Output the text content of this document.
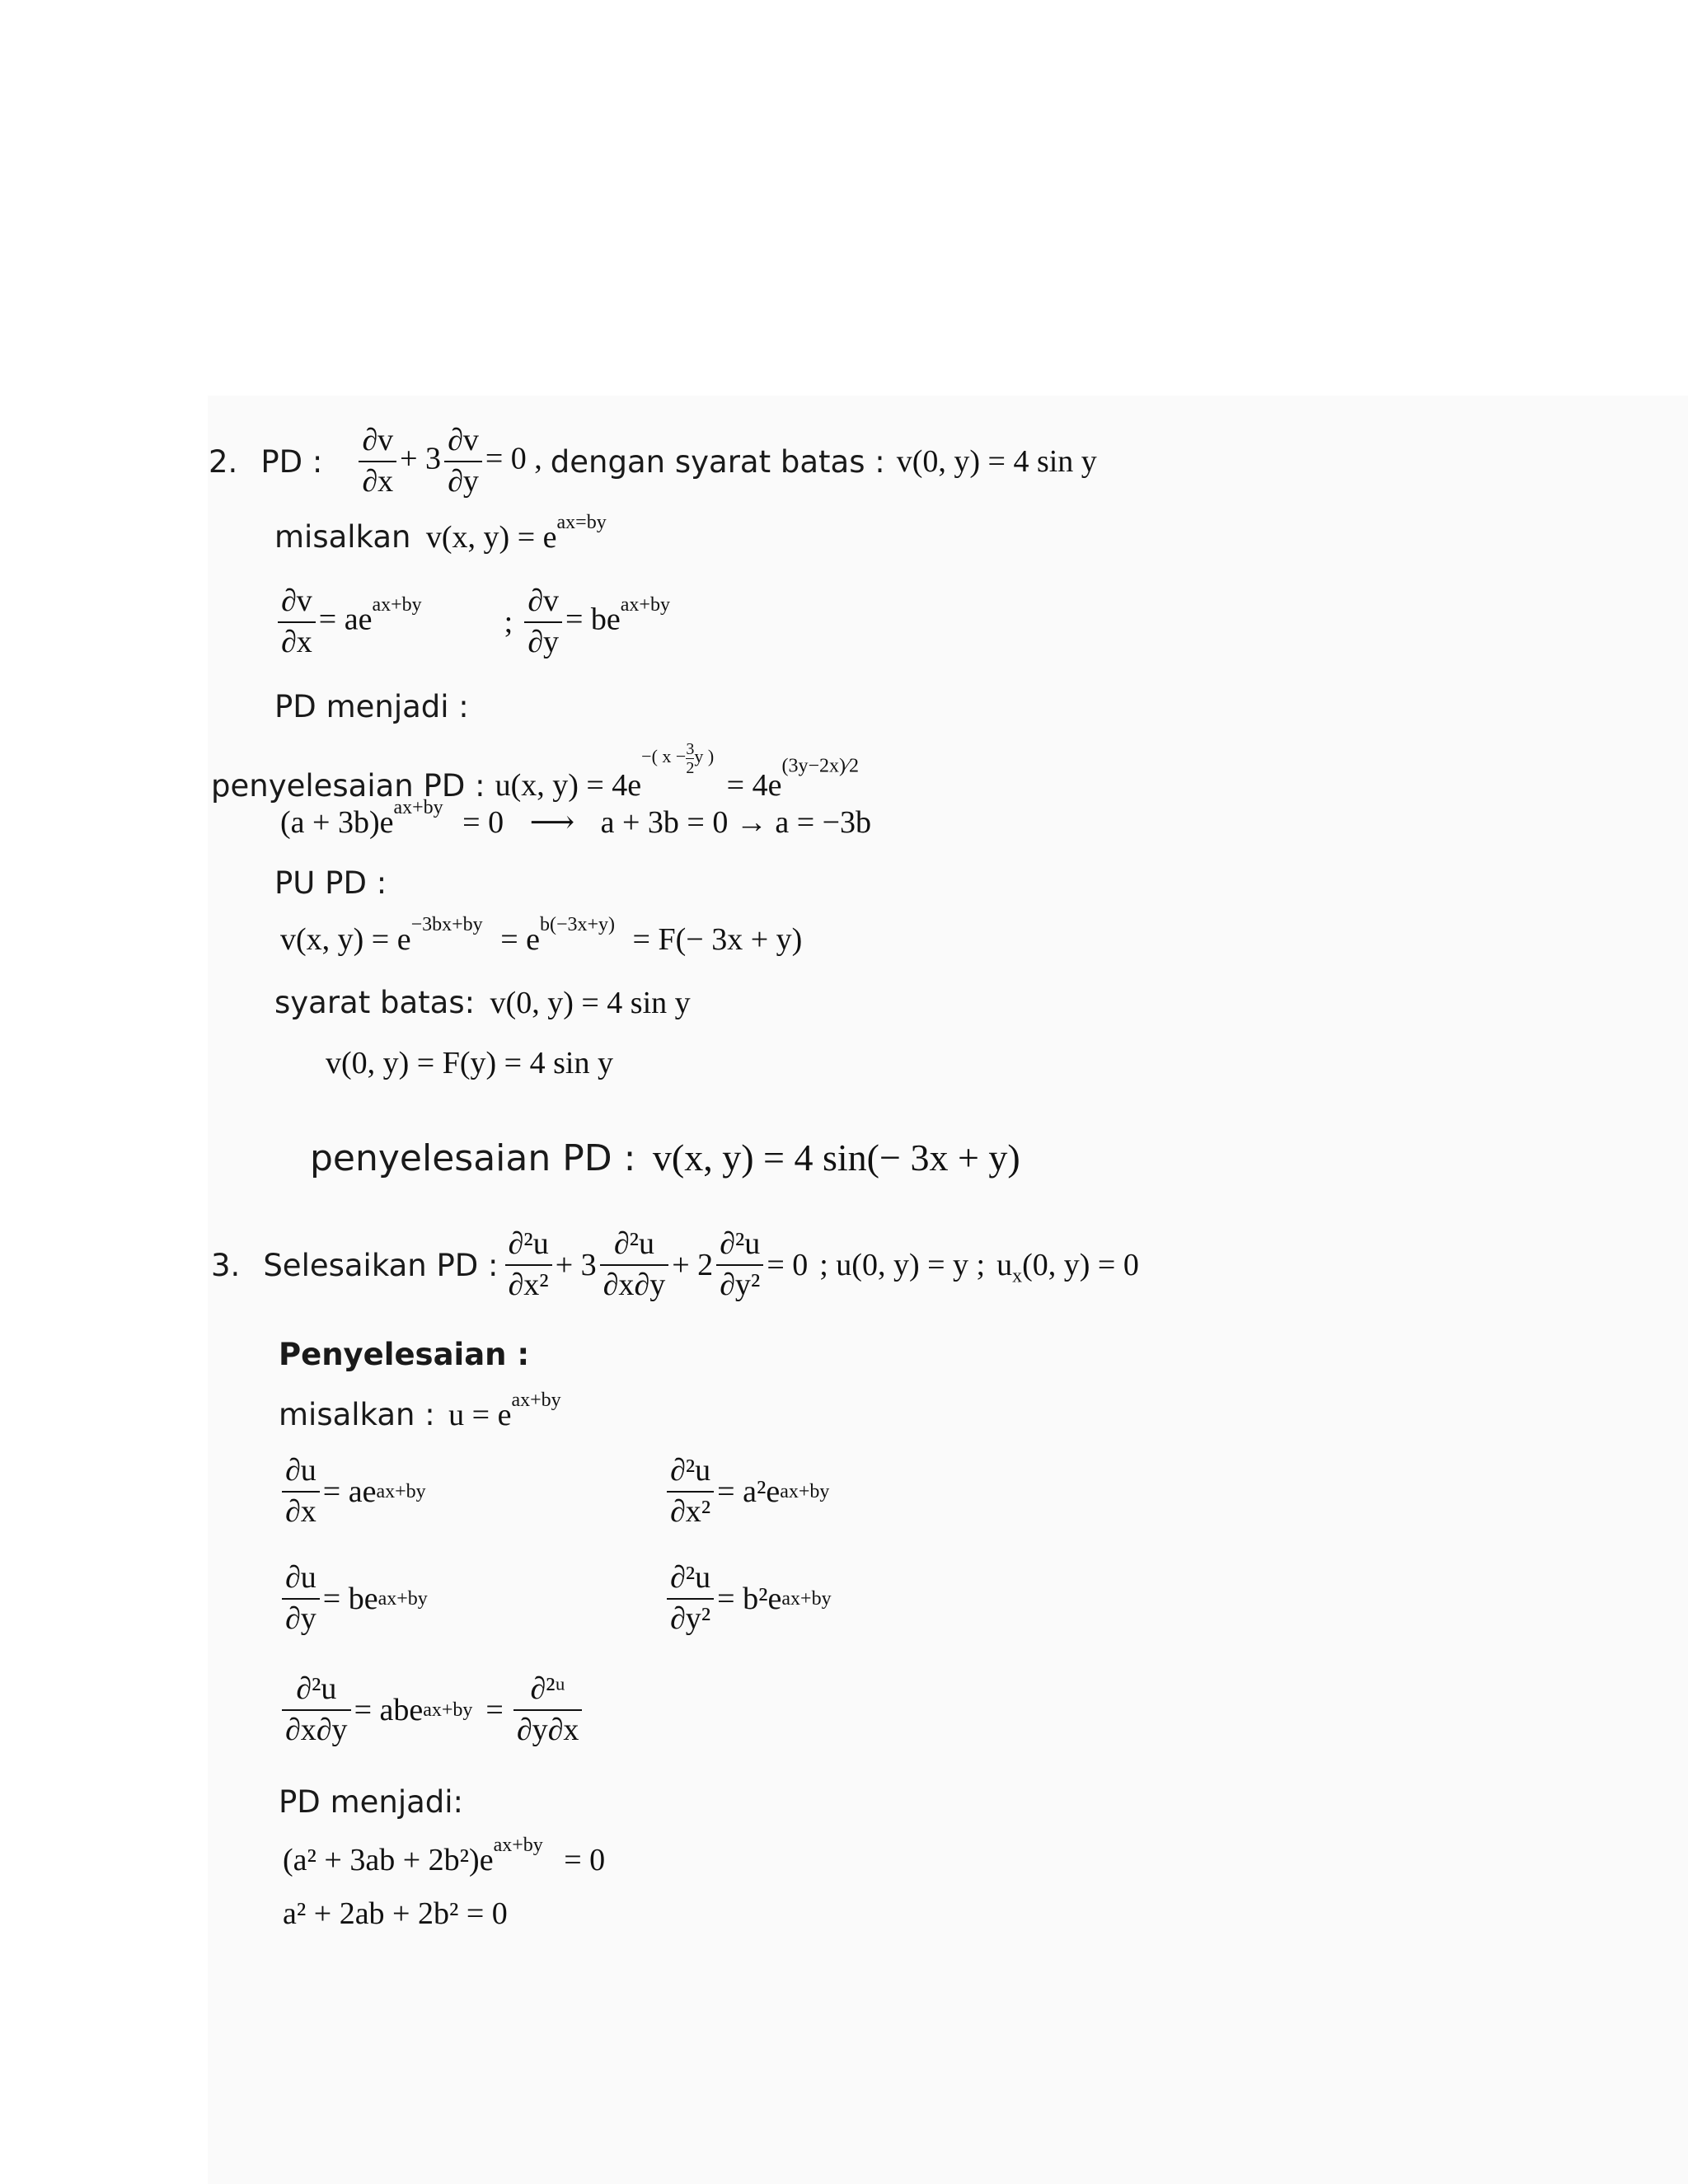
2. PD : $\frac{\partial v}{\partial x} + 3 \frac{\partial v}{\partial y} = 0$ , dengan syarat batas : v(0, y) = 4 sin y
misalkan v(x, $y) = e^{ax=by}$
$\frac{\partial v}{\partial x} = ae^{ax+by}$
; $\frac{\partial v}{\partial y} = be^{ax+by}$
PD menjadi :
penyelesaian PD : u(x, $y) = 4e^{-( x - \frac{3}{2} y )} = 4e^{(3y-2x)⁄2}$
$(a + 3b)e^{ax+by} = 0$ ⟶ a + 3b = 0 → a = −3b
PU PD :
v(x, $y) = e^{-3bx+by} = e^{b(-3x+y)} = F(- 3x + y)$
syarat batas: v(0, y) = 4 sin y
v(0, y) = F(y) = 4 sin y
penyelesaian PD : v(x, y) = 4 sin(− 3x + y)
3. Selesaikan PD : $\frac{\text{∂²u}}{\text{∂x²}} + 3 \frac{\text{∂²u}}{\partial x\partial y} + 2 \frac{\text{∂²u}}{\text{∂y²}} = 0$ ; u(0, y) = y ; $u_x(0$, y) = 0
Penyelesaian :
misalkan : $u = e^{ax+by}$
$\frac{\partial u}{\partial x}$ = ae ax+by	$\frac{\text{∂²u}}{\text{∂x²}} = a^2e$ ax+by
$\frac{\partial u}{\partial y}$ = be ax+by	$\frac{\text{∂²u}}{\text{∂y²}} = b^2e$ ax+by
$\frac{\text{∂²u}}{\partial x\partial y}$ = abe $ax+by = \frac{\text{∂²ᵘ}}{\partial y\partial x}$
PD menjadi:
$(a^2 + 3ab + 2b^2)e^{ax+by} = 0$
a² + 2ab + 2b² = 0
